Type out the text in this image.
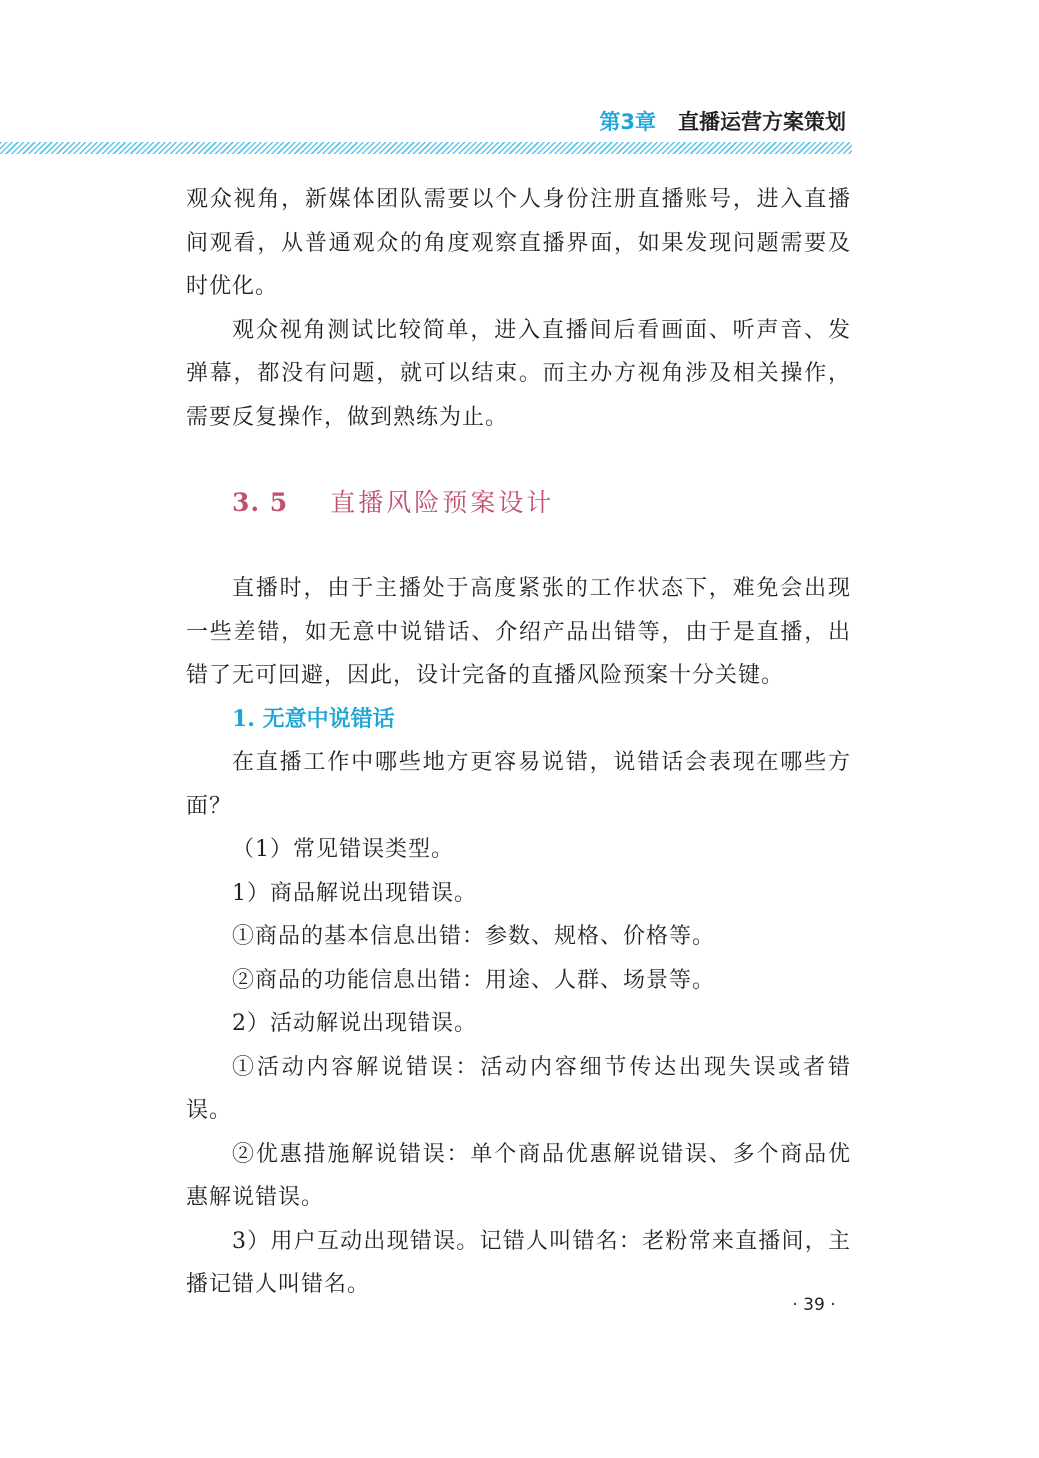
第3章 直播运营方案策划

观众视角，新媒体团队需要以个人身份注册直播账号，进入直播间观看，从普通观众的角度观察直播界面，如果发现问题需要及时优化。

观众视角测试比较简单，进入直播间后看画面、听声音、发弹幕，都没有问题，就可以结束。而主办方视角涉及相关操作，需要反复操作，做到熟练为止。

3. 5 直播风险预案设计

直播时，由于主播处于高度紧张的工作状态下，难免会出现一些差错，如无意中说错话、介绍产品出错等，由于是直播，出错了无可回避，因此，设计完备的直播风险预案十分关键。

1. 无意中说错话

在直播工作中哪些地方更容易说错，说错话会表现在哪些方面？

（1）常见错误类型。

1）商品解说出现错误。

①商品的基本信息出错：参数、规格、价格等。

②商品的功能信息出错：用途、人群、场景等。

2）活动解说出现错误。

①活动内容解说错误：活动内容细节传达出现失误或者错误。

②优惠措施解说错误：单个商品优惠解说错误、多个商品优惠解说错误。

3）用户互动出现错误。记错人叫错名：老粉常来直播间，主播记错人叫错名。

· 39 ·
